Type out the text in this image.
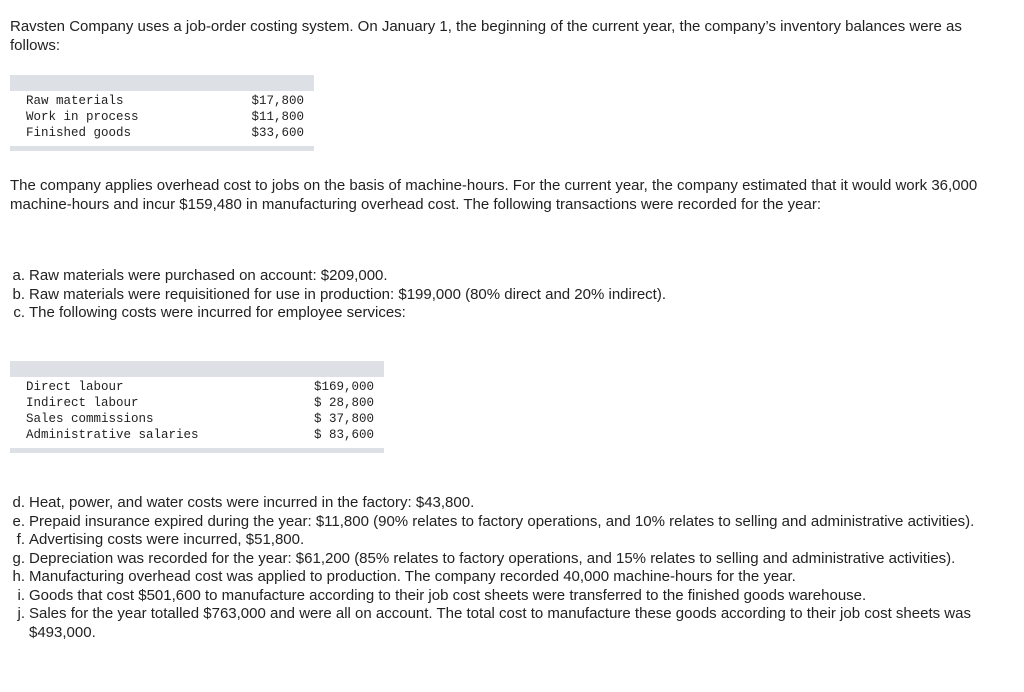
Ravsten Company uses a job-order costing system. On January 1, the beginning of the current year, the company’s inventory balances were as follows:
Raw materials	$17,800
Work in process	$11,800
Finished goods	$33,600
The company applies overhead cost to jobs on the basis of machine-hours. For the current year, the company estimated that it would work 36,000 machine-hours and incur $159,480 in manufacturing overhead cost. The following transactions were recorded for the year:
a. Raw materials were purchased on account: $209,000.
b. Raw materials were requisitioned for use in production: $199,000 (80% direct and 20% indirect).
c. The following costs were incurred for employee services:
Direct labour	$169,000
Indirect labour	$ 28,800
Sales commissions	$ 37,800
Administrative salaries	$ 83,600
d. Heat, power, and water costs were incurred in the factory: $43,800.
e. Prepaid insurance expired during the year: $11,800 (90% relates to factory operations, and 10% relates to selling and administrative activities).
f. Advertising costs were incurred, $51,800.
g. Depreciation was recorded for the year: $61,200 (85% relates to factory operations, and 15% relates to selling and administrative activities).
h. Manufacturing overhead cost was applied to production. The company recorded 40,000 machine-hours for the year.
i. Goods that cost $501,600 to manufacture according to their job cost sheets were transferred to the finished goods warehouse.
j. Sales for the year totalled $763,000 and were all on account. The total cost to manufacture these goods according to their job cost sheets was $493,000.
